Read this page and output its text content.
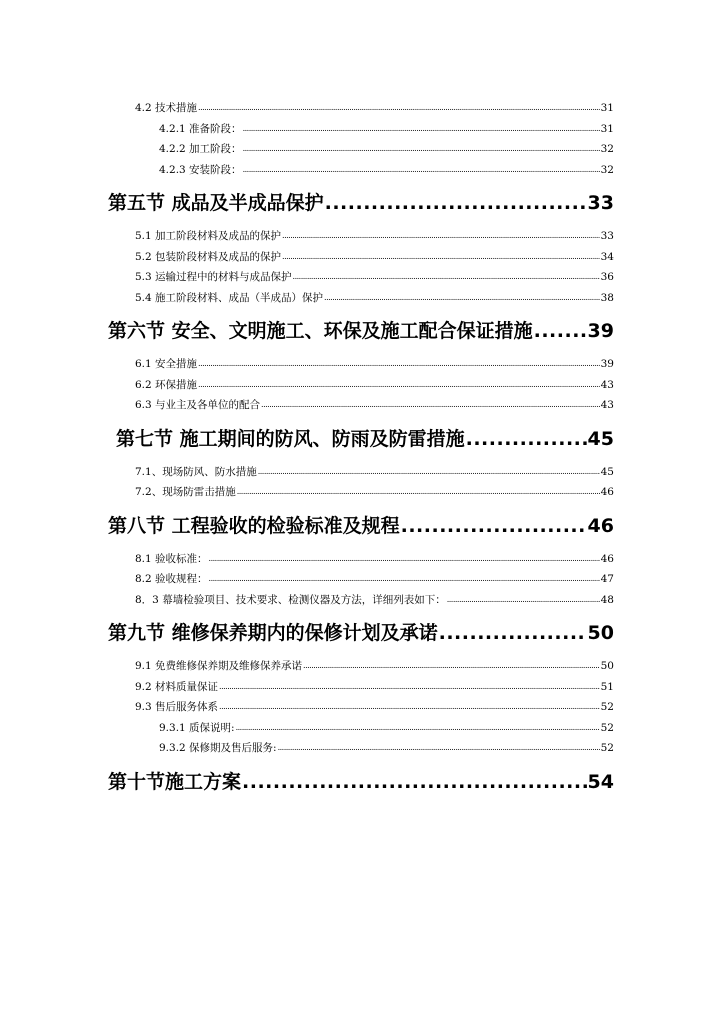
4.2 技术措施 .....	31
4.2.1 准备阶段： .....	31
4.2.2 加工阶段： .....	32
4.2.3 安装阶段： .....	32
第五节 成品及半成品保护 .....	33
5.1 加工阶段材料及成品的保护 .....	33
5.2 包装阶段材料及成品的保护 .....	34
5.3 运输过程中的材料与成品保护 .....	36
5.4 施工阶段材料、成品（半成品）保护 .....	38
第六节 安全、文明施工、环保及施工配合保证措施 .....	39
6.1 安全措施 .....	39
6.2 环保措施 .....	43
6.3 与业主及各单位的配合 .....	43
第七节 施工期间的防风、防雨及防雷措施 .....	45
7.1、现场防风、防水措施 .....	45
7.2、现场防雷击措施 .....	46
第八节 工程验收的检验标准及规程 .....	46
8.1 验收标准： .....	46
8.2 验收规程： .....	47
8．3 幕墙检验项目、技术要求、检测仪器及方法，详细列表如下： .....	48
第九节 维修保养期内的保修计划及承诺 .....	50
9.1 免费维修保养期及维修保养承诺 .....	50
9.2 材料质量保证 .....	51
9.3 售后服务体系 .....	52
9.3.1 质保说明: .....	52
9.3.2 保修期及售后服务: .....	52
第十节施工方案 .....	54
